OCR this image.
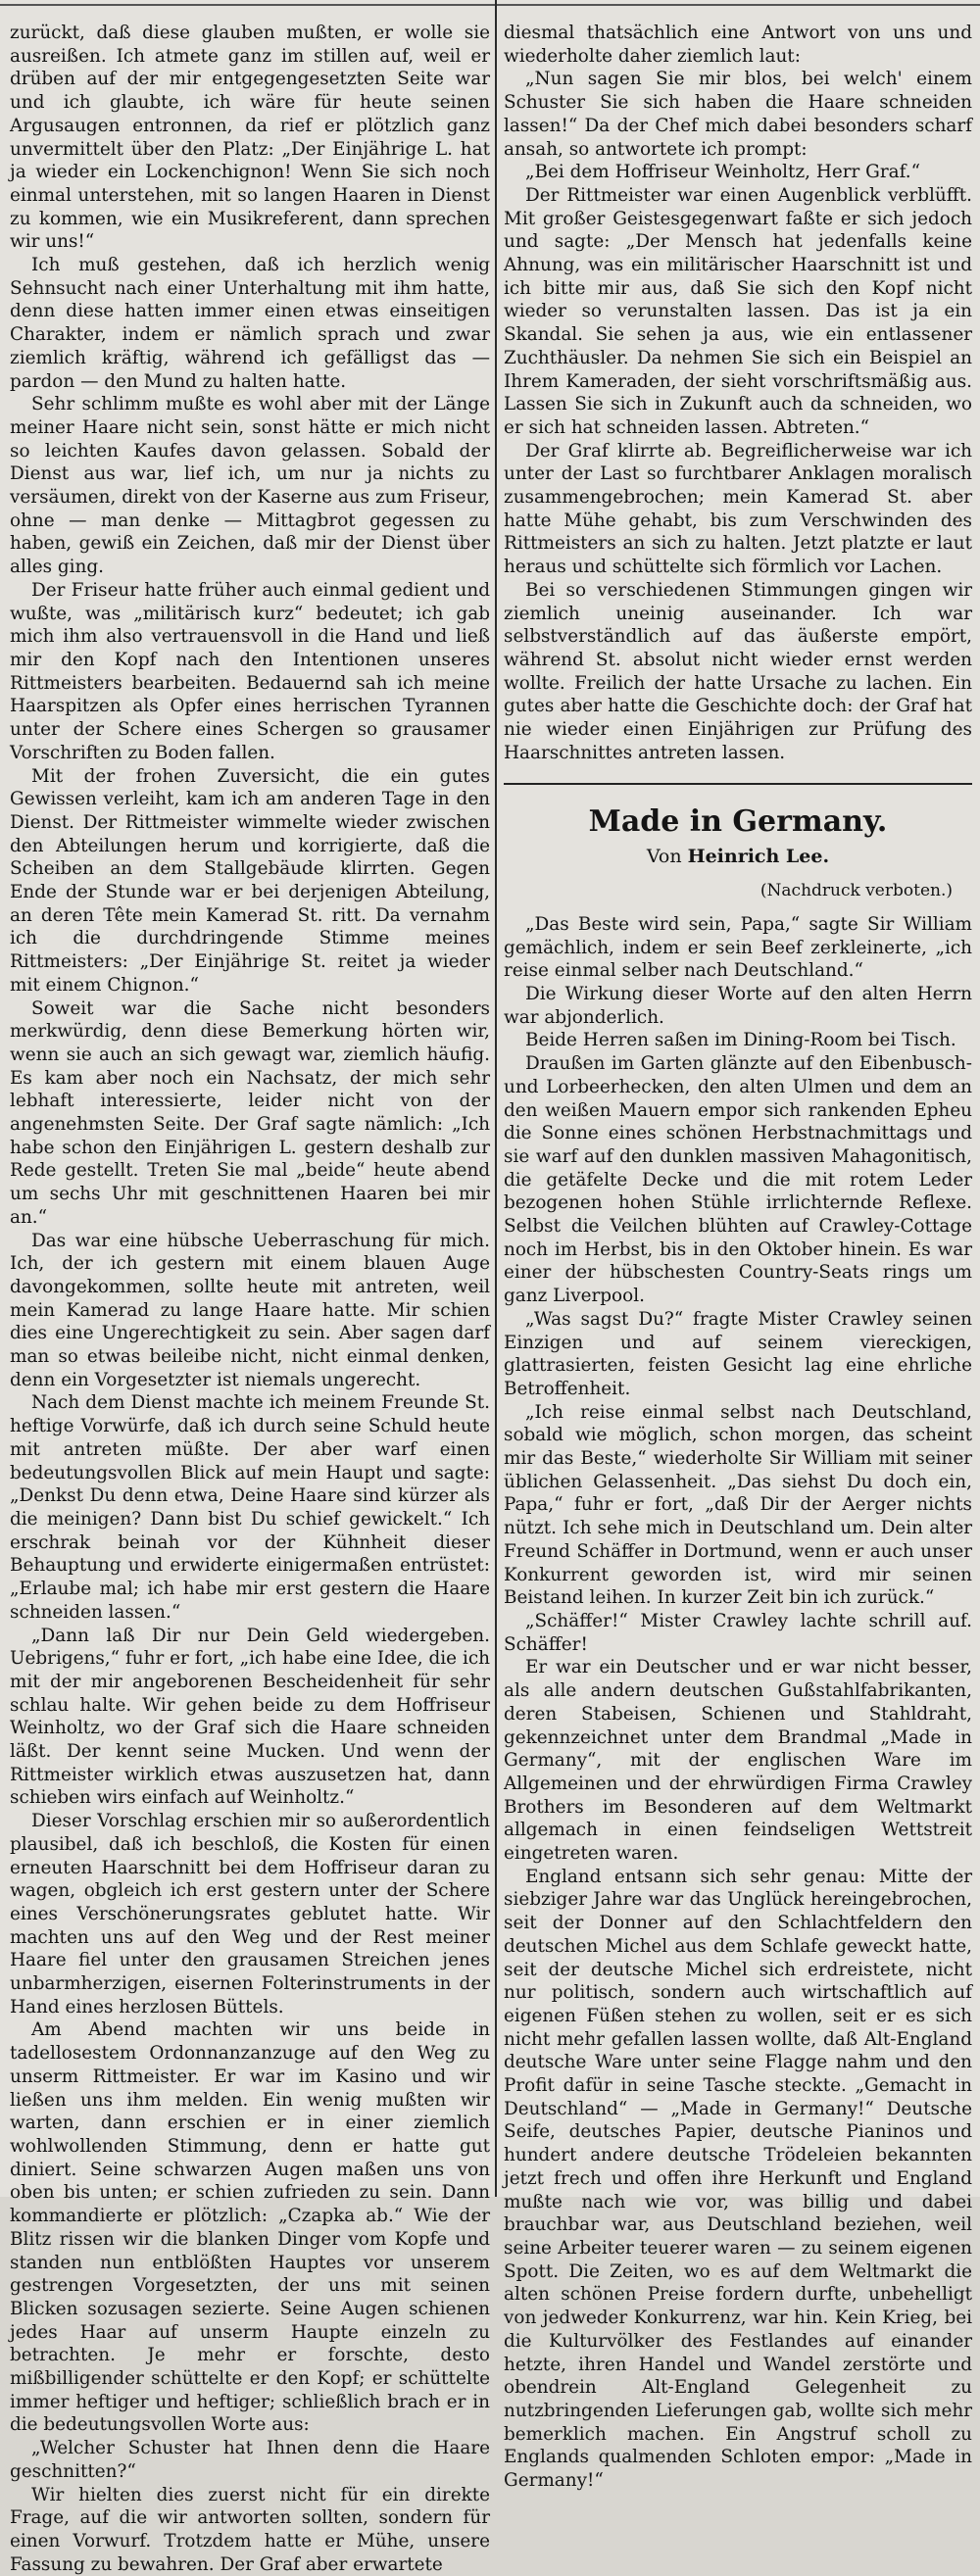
zurückt, daß diese glauben mußten, er wolle sie ausreißen. Ich atmete ganz im stillen auf, weil er drüben auf der mir entgegengesetzten Seite war und ich glaubte, ich wäre für heute seinen Argusaugen entronnen, da rief er plötzlich ganz unvermittelt über den Platz: „Der Einjährige L. hat ja wieder ein Lockenchignon! Wenn Sie sich noch einmal unterstehen, mit so langen Haaren in Dienst zu kommen, wie ein Musikreferent, dann sprechen wir uns!“

Ich muß gestehen, daß ich herzlich wenig Sehnsucht nach einer Unterhaltung mit ihm hatte, denn diese hatten immer einen etwas einseitigen Charakter, indem er nämlich sprach und zwar ziemlich kräftig, während ich gefälligst das — pardon — den Mund zu halten hatte.

Sehr schlimm mußte es wohl aber mit der Länge meiner Haare nicht sein, sonst hätte er mich nicht so leichten Kaufes davon gelassen. Sobald der Dienst aus war, lief ich, um nur ja nichts zu versäumen, direkt von der Kaserne aus zum Friseur, ohne — man denke — Mittagbrot gegessen zu haben, gewiß ein Zeichen, daß mir der Dienst über alles ging.

Der Friseur hatte früher auch einmal gedient und wußte, was „militärisch kurz“ bedeutet; ich gab mich ihm also vertrauensvoll in die Hand und ließ mir den Kopf nach den Intentionen unseres Rittmeisters bearbeiten. Bedauernd sah ich meine Haarspitzen als Opfer eines herrischen Tyrannen unter der Schere eines Schergen so grausamer Vorschriften zu Boden fallen.

Mit der frohen Zuversicht, die ein gutes Gewissen verleiht, kam ich am anderen Tage in den Dienst. Der Rittmeister wimmelte wieder zwischen den Abteilungen herum und korrigierte, daß die Scheiben an dem Stallgebäude klirrten. Gegen Ende der Stunde war er bei derjenigen Abteilung, an deren Tête mein Kamerad St. ritt. Da vernahm ich die durchdringende Stimme meines Rittmeisters: „Der Einjährige St. reitet ja wieder mit einem Chignon.“

Soweit war die Sache nicht besonders merkwürdig, denn diese Bemerkung hörten wir, wenn sie auch an sich gewagt war, ziemlich häufig. Es kam aber noch ein Nachsatz, der mich sehr lebhaft interessierte, leider nicht von der angenehmsten Seite. Der Graf sagte nämlich: „Ich habe schon den Einjährigen L. gestern deshalb zur Rede gestellt. Treten Sie mal „beide“ heute abend um sechs Uhr mit geschnittenen Haaren bei mir an.“

Das war eine hübsche Ueberraschung für mich. Ich, der ich gestern mit einem blauen Auge davongekommen, sollte heute mit antreten, weil mein Kamerad zu lange Haare hatte. Mir schien dies eine Ungerechtigkeit zu sein. Aber sagen darf man so etwas beileibe nicht, nicht einmal denken, denn ein Vorgesetzter ist niemals ungerecht.

Nach dem Dienst machte ich meinem Freunde St. heftige Vorwürfe, daß ich durch seine Schuld heute mit antreten müßte. Der aber warf einen bedeutungsvollen Blick auf mein Haupt und sagte: „Denkst Du denn etwa, Deine Haare sind kürzer als die meinigen? Dann bist Du schief gewickelt.“ Ich erschrak beinah vor der Kühnheit dieser Behauptung und erwiderte einigermaßen entrüstet: „Erlaube mal; ich habe mir erst gestern die Haare schneiden lassen.“

„Dann laß Dir nur Dein Geld wiedergeben. Uebrigens,“ fuhr er fort, „ich habe eine Idee, die ich mit der mir angeborenen Bescheidenheit für sehr schlau halte. Wir gehen beide zu dem Hoffriseur Weinholtz, wo der Graf sich die Haare schneiden läßt. Der kennt seine Mucken. Und wenn der Rittmeister wirklich etwas auszusetzen hat, dann schieben wirs einfach auf Weinholtz.“

Dieser Vorschlag erschien mir so außerordentlich plausibel, daß ich beschloß, die Kosten für einen erneuten Haarschnitt bei dem Hoffriseur daran zu wagen, obgleich ich erst gestern unter der Schere eines Verschönerungsrates geblutet hatte. Wir machten uns auf den Weg und der Rest meiner Haare fiel unter den grausamen Streichen jenes unbarmherzigen, eisernen Folterinstruments in der Hand eines herzlosen Büttels.

Am Abend machten wir uns beide in tadellosestem Ordonnanzanzuge auf den Weg zu unserm Rittmeister. Er war im Kasino und wir ließen uns ihm melden. Ein wenig mußten wir warten, dann erschien er in einer ziemlich wohlwollenden Stimmung, denn er hatte gut diniert. Seine schwarzen Augen maßen uns von oben bis unten; er schien zufrieden zu sein. Dann kommandierte er plötzlich: „Czapka ab.“ Wie der Blitz rissen wir die blanken Dinger vom Kopfe und standen nun entblößten Hauptes vor unserem gestrengen Vorgesetzten, der uns mit seinen Blicken sozusagen sezierte. Seine Augen schienen jedes Haar auf unserm Haupte einzeln zu betrachten. Je mehr er forschte, desto mißbilligender schüttelte er den Kopf; er schüttelte immer heftiger und heftiger; schließlich brach er in die bedeutungsvollen Worte aus:

„Welcher Schuster hat Ihnen denn die Haare geschnitten?“

Wir hielten dies zuerst nicht für ein direkte Frage, auf die wir antworten sollten, sondern für einen Vorwurf. Trotzdem hatte er Mühe, unsere Fassung zu bewahren. Der Graf aber erwartete

diesmal thatsächlich eine Antwort von uns und wiederholte daher ziemlich laut:

„Nun sagen Sie mir blos, bei welch' einem Schuster Sie sich haben die Haare schneiden lassen!“ Da der Chef mich dabei besonders scharf ansah, so antwortete ich prompt:

„Bei dem Hoffriseur Weinholtz, Herr Graf.“

Der Rittmeister war einen Augenblick verblüfft. Mit großer Geistesgegenwart faßte er sich jedoch und sagte: „Der Mensch hat jedenfalls keine Ahnung, was ein militärischer Haarschnitt ist und ich bitte mir aus, daß Sie sich den Kopf nicht wieder so verunstalten lassen. Das ist ja ein Skandal. Sie sehen ja aus, wie ein entlassener Zuchthäusler. Da nehmen Sie sich ein Beispiel an Ihrem Kameraden, der sieht vorschriftsmäßig aus. Lassen Sie sich in Zukunft auch da schneiden, wo er sich hat schneiden lassen. Abtreten.“

Der Graf klirrte ab. Begreiflicherweise war ich unter der Last so furchtbarer Anklagen moralisch zusammengebrochen; mein Kamerad St. aber hatte Mühe gehabt, bis zum Verschwinden des Rittmeisters an sich zu halten. Jetzt platzte er laut heraus und schüttelte sich förmlich vor Lachen.

Bei so verschiedenen Stimmungen gingen wir ziemlich uneinig auseinander. Ich war selbstverständlich auf das äußerste empört, während St. absolut nicht wieder ernst werden wollte. Freilich der hatte Ursache zu lachen. Ein gutes aber hatte die Geschichte doch: der Graf hat nie wieder einen Einjährigen zur Prüfung des Haarschnittes antreten lassen.

Made in Germany.
Von Heinrich Lee.
(Nachdruck verboten.)

„Das Beste wird sein, Papa,“ sagte Sir William gemächlich, indem er sein Beef zerkleinerte, „ich reise einmal selber nach Deutschland.“

Die Wirkung dieser Worte auf den alten Herrn war abjonderlich.

Beide Herren saßen im Dining-Room bei Tisch.

Draußen im Garten glänzte auf den Eibenbusch- und Lorbeerhecken, den alten Ulmen und dem an den weißen Mauern empor sich rankenden Epheu die Sonne eines schönen Herbstnachmittags und sie warf auf den dunklen massiven Mahagonitisch, die getäfelte Decke und die mit rotem Leder bezogenen hohen Stühle irrlichternde Reflexe. Selbst die Veilchen blühten auf Crawley-Cottage noch im Herbst, bis in den Oktober hinein. Es war einer der hübschesten Country-Seats rings um ganz Liverpool.

„Was sagst Du?“ fragte Mister Crawley seinen Einzigen und auf seinem viereckigen, glattrasierten, feisten Gesicht lag eine ehrliche Betroffenheit.

„Ich reise einmal selbst nach Deutschland, sobald wie möglich, schon morgen, das scheint mir das Beste,“ wiederholte Sir William mit seiner üblichen Gelassenheit. „Das siehst Du doch ein, Papa,“ fuhr er fort, „daß Dir der Aerger nichts nützt. Ich sehe mich in Deutschland um. Dein alter Freund Schäffer in Dortmund, wenn er auch unser Konkurrent geworden ist, wird mir seinen Beistand leihen. In kurzer Zeit bin ich zurück.“

„Schäffer!“ Mister Crawley lachte schrill auf. Schäffer!

Er war ein Deutscher und er war nicht besser, als alle andern deutschen Gußstahlfabrikanten, deren Stabeisen, Schienen und Stahldraht, gekennzeichnet unter dem Brandmal „Made in Germany“, mit der englischen Ware im Allgemeinen und der ehrwürdigen Firma Crawley Brothers im Besonderen auf dem Weltmarkt allgemach in einen feindseligen Wettstreit eingetreten waren.

England entsann sich sehr genau: Mitte der siebziger Jahre war das Unglück hereingebrochen, seit der Donner auf den Schlachtfeldern den deutschen Michel aus dem Schlafe geweckt hatte, seit der deutsche Michel sich erdreistete, nicht nur politisch, sondern auch wirtschaftlich auf eigenen Füßen stehen zu wollen, seit er es sich nicht mehr gefallen lassen wollte, daß Alt-England deutsche Ware unter seine Flagge nahm und den Profit dafür in seine Tasche steckte. „Gemacht in Deutschland“ — „Made in Germany!“ Deutsche Seife, deutsches Papier, deutsche Pianinos und hundert andere deutsche Trödeleien bekannten jetzt frech und offen ihre Herkunft und England mußte nach wie vor, was billig und dabei brauchbar war, aus Deutschland beziehen, weil seine Arbeiter teuerer waren — zu seinem eigenen Spott. Die Zeiten, wo es auf dem Weltmarkt die alten schönen Preise fordern durfte, unbehelligt von jedweder Konkurrenz, war hin. Kein Krieg, bei die Kulturvölker des Festlandes auf einander hetzte, ihren Handel und Wandel zerstörte und obendrein Alt-England Gelegenheit zu nutzbringenden Lieferungen gab, wollte sich mehr bemerklich machen. Ein Angstruf scholl zu Englands qualmenden Schloten empor: „Made in Germany!“
